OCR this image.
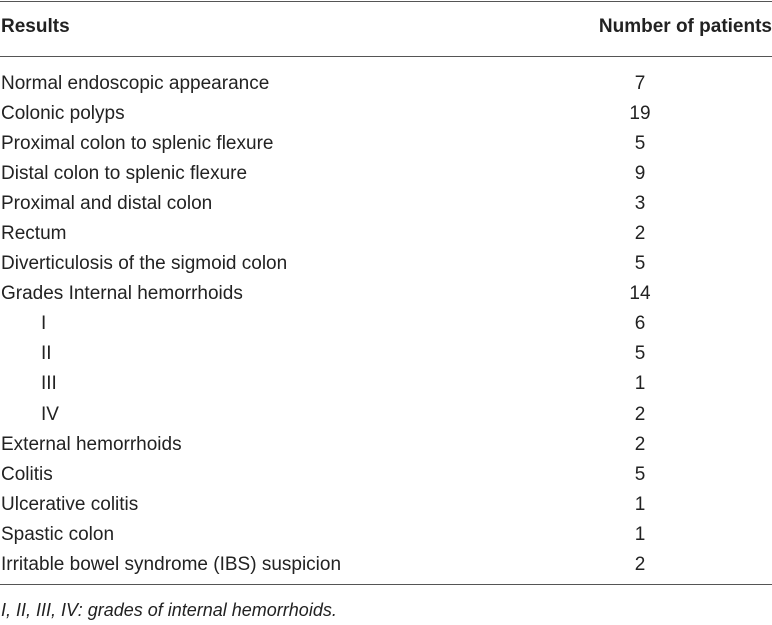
Results	Number of patients
Normal endoscopic appearance	7
Colonic polyps	19
Proximal colon to splenic flexure	5
Distal colon to splenic flexure	9
Proximal and distal colon	3
Rectum	2
Diverticulosis of the sigmoid colon	5
Grades Internal hemorrhoids	14
I	6
II	5
III	1
IV	2
External hemorrhoids	2
Colitis	5
Ulcerative colitis	1
Spastic colon	1
Irritable bowel syndrome (IBS) suspicion	2
I, II, III, IV: grades of internal hemorrhoids.
